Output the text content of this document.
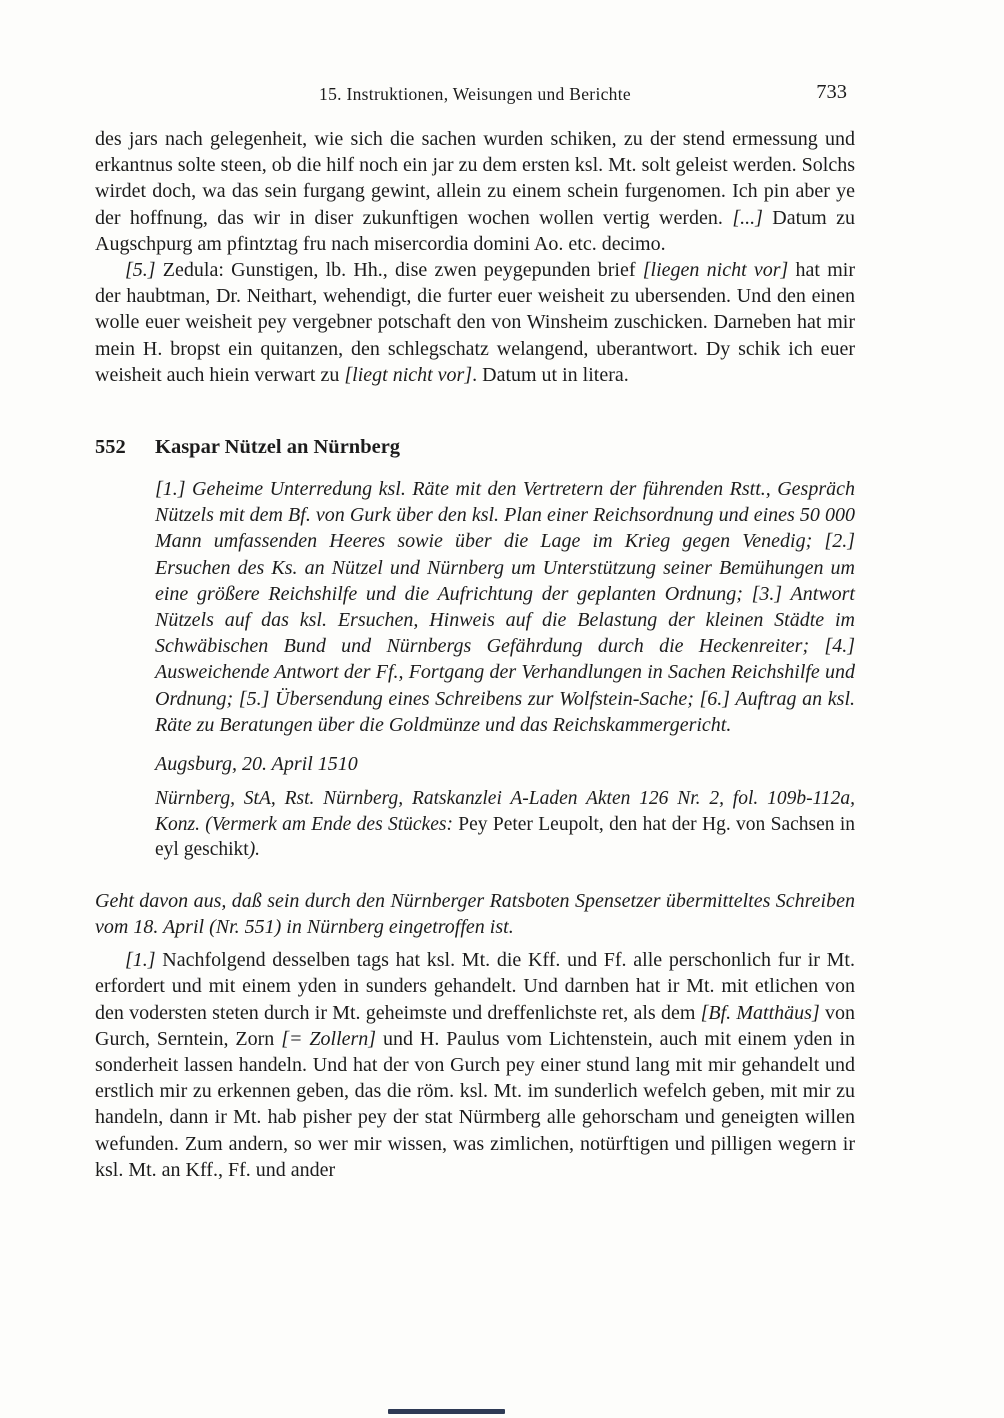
15. Instruktionen, Weisungen und Berichte	733

des jars nach gelegenheit, wie sich die sachen wurden schiken, zu der stend ermessung und erkantnus solte steen, ob die hilf noch ein jar zu dem ersten ksl. Mt. solt geleist werden. Solchs wirdet doch, wa das sein furgang gewint, allein zu einem schein furgenomen. Ich pin aber ye der hoffnung, das wir in diser zukunftigen wochen wollen vertig werden. [...] Datum zu Augschpurg am pfintztag fru nach misercordia domini Ao. etc. decimo.

[5.] Zedula: Gunstigen, lb. Hh., dise zwen peygepunden brief [liegen nicht vor] hat mir der haubtman, Dr. Neithart, wehendigt, die furter euer weisheit zu ubersenden. Und den einen wolle euer weisheit pey vergebner potschaft den von Winsheim zuschicken. Darneben hat mir mein H. bropst ein quitanzen, den schlegschatz welangend, uberantwort. Dy schik ich euer weisheit auch hiein verwart zu [liegt nicht vor]. Datum ut in litera.

552	Kaspar Nützel an Nürnberg

[1.] Geheime Unterredung ksl. Räte mit den Vertretern der führenden Rstt., Gespräch Nützels mit dem Bf. von Gurk über den ksl. Plan einer Reichsordnung und eines 50 000 Mann umfassenden Heeres sowie über die Lage im Krieg gegen Venedig; [2.] Ersuchen des Ks. an Nützel und Nürnberg um Unterstützung seiner Bemühungen um eine größere Reichshilfe und die Aufrichtung der geplanten Ordnung; [3.] Antwort Nützels auf das ksl. Ersuchen, Hinweis auf die Belastung der kleinen Städte im Schwäbischen Bund und Nürnbergs Gefährdung durch die Heckenreiter; [4.] Ausweichende Antwort der Ff., Fortgang der Verhandlungen in Sachen Reichshilfe und Ordnung; [5.] Übersendung eines Schreibens zur Wolfstein-Sache; [6.] Auftrag an ksl. Räte zu Beratungen über die Goldmünze und das Reichskammergericht.

Augsburg, 20. April 1510

Nürnberg, StA, Rst. Nürnberg, Ratskanzlei A-Laden Akten 126 Nr. 2, fol. 109b-112a, Konz. (Vermerk am Ende des Stückes: Pey Peter Leupolt, den hat der Hg. von Sachsen in eyl geschikt).

Geht davon aus, daß sein durch den Nürnberger Ratsboten Spensetzer übermitteltes Schreiben vom 18. April (Nr. 551) in Nürnberg eingetroffen ist.

[1.] Nachfolgend desselben tags hat ksl. Mt. die Kff. und Ff. alle perschonlich fur ir Mt. erfordert und mit einem yden in sunders gehandelt. Und darnben hat ir Mt. mit etlichen von den vodersten steten durch ir Mt. geheimste und dreffenlichste ret, als dem [Bf. Matthäus] von Gurch, Serntein, Zorn [= Zollern] und H. Paulus vom Lichtenstein, auch mit einem yden in sonderheit lassen handeln. Und hat der von Gurch pey einer stund lang mit mir gehandelt und erstlich mir zu erkennen geben, das die röm. ksl. Mt. im sunderlich wefelch geben, mit mir zu handeln, dann ir Mt. hab pisher pey der stat Nürmberg alle gehorscham und geneigten willen wefunden. Zum andern, so wer mir wissen, was zimlichen, notürftigen und pilligen wegern ir ksl. Mt. an Kff., Ff. und ander
